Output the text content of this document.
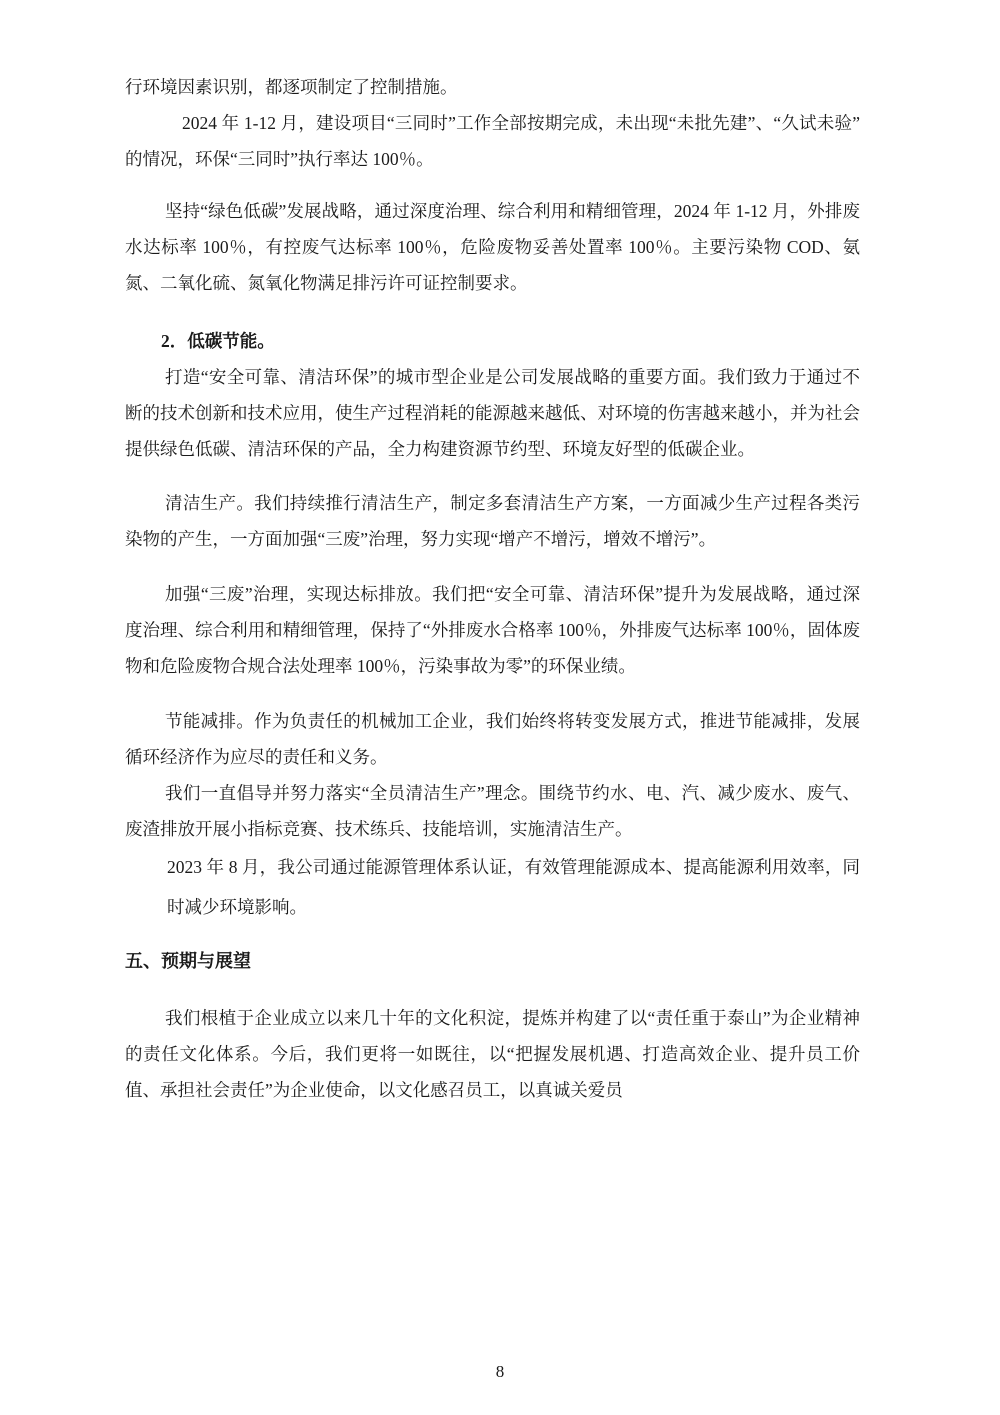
行环境因素识别，都逐项制定了控制措施。

2024 年 1-12 月，建设项目“三同时”工作全部按期完成，未出现“未批先建”、“久试未验”的情况，环保“三同时”执行率达 100％。

坚持“绿色低碳”发展战略，通过深度治理、综合利用和精细管理，2024 年 1-12 月，外排废水达标率 100％，有控废气达标率 100％，危险废物妥善处置率 100％。主要污染物 COD、氨氮、二氧化硫、氮氧化物满足排污许可证控制要求。

2．低碳节能。

打造“安全可靠、清洁环保”的城市型企业是公司发展战略的重要方面。我们致力于通过不断的技术创新和技术应用，使生产过程消耗的能源越来越低、对环境的伤害越来越小，并为社会提供绿色低碳、清洁环保的产品，全力构建资源节约型、环境友好型的低碳企业。

清洁生产。我们持续推行清洁生产，制定多套清洁生产方案，一方面减少生产过程各类污染物的产生，一方面加强“三废”治理，努力实现“增产不增污，增效不增污”。

加强“三废”治理，实现达标排放。我们把“安全可靠、清洁环保”提升为发展战略，通过深度治理、综合利用和精细管理，保持了“外排废水合格率 100％，外排废气达标率 100％，固体废物和危险废物合规合法处理率 100％，污染事故为零”的环保业绩。

节能减排。作为负责任的机械加工企业，我们始终将转变发展方式，推进节能减排，发展循环经济作为应尽的责任和义务。

我们一直倡导并努力落实“全员清洁生产”理念。围绕节约水、电、汽、减少废水、废气、废渣排放开展小指标竞赛、技术练兵、技能培训，实施清洁生产。

2023 年 8 月，我公司通过能源管理体系认证，有效管理能源成本、提高能源利用效率，同时减少环境影响。

五、预期与展望

我们根植于企业成立以来几十年的文化积淀，提炼并构建了以“责任重于泰山”为企业精神的责任文化体系。今后，我们更将一如既往，以“把握发展机遇、打造高效企业、提升员工价值、承担社会责任”为企业使命，以文化感召员工，以真诚关爱员

8
